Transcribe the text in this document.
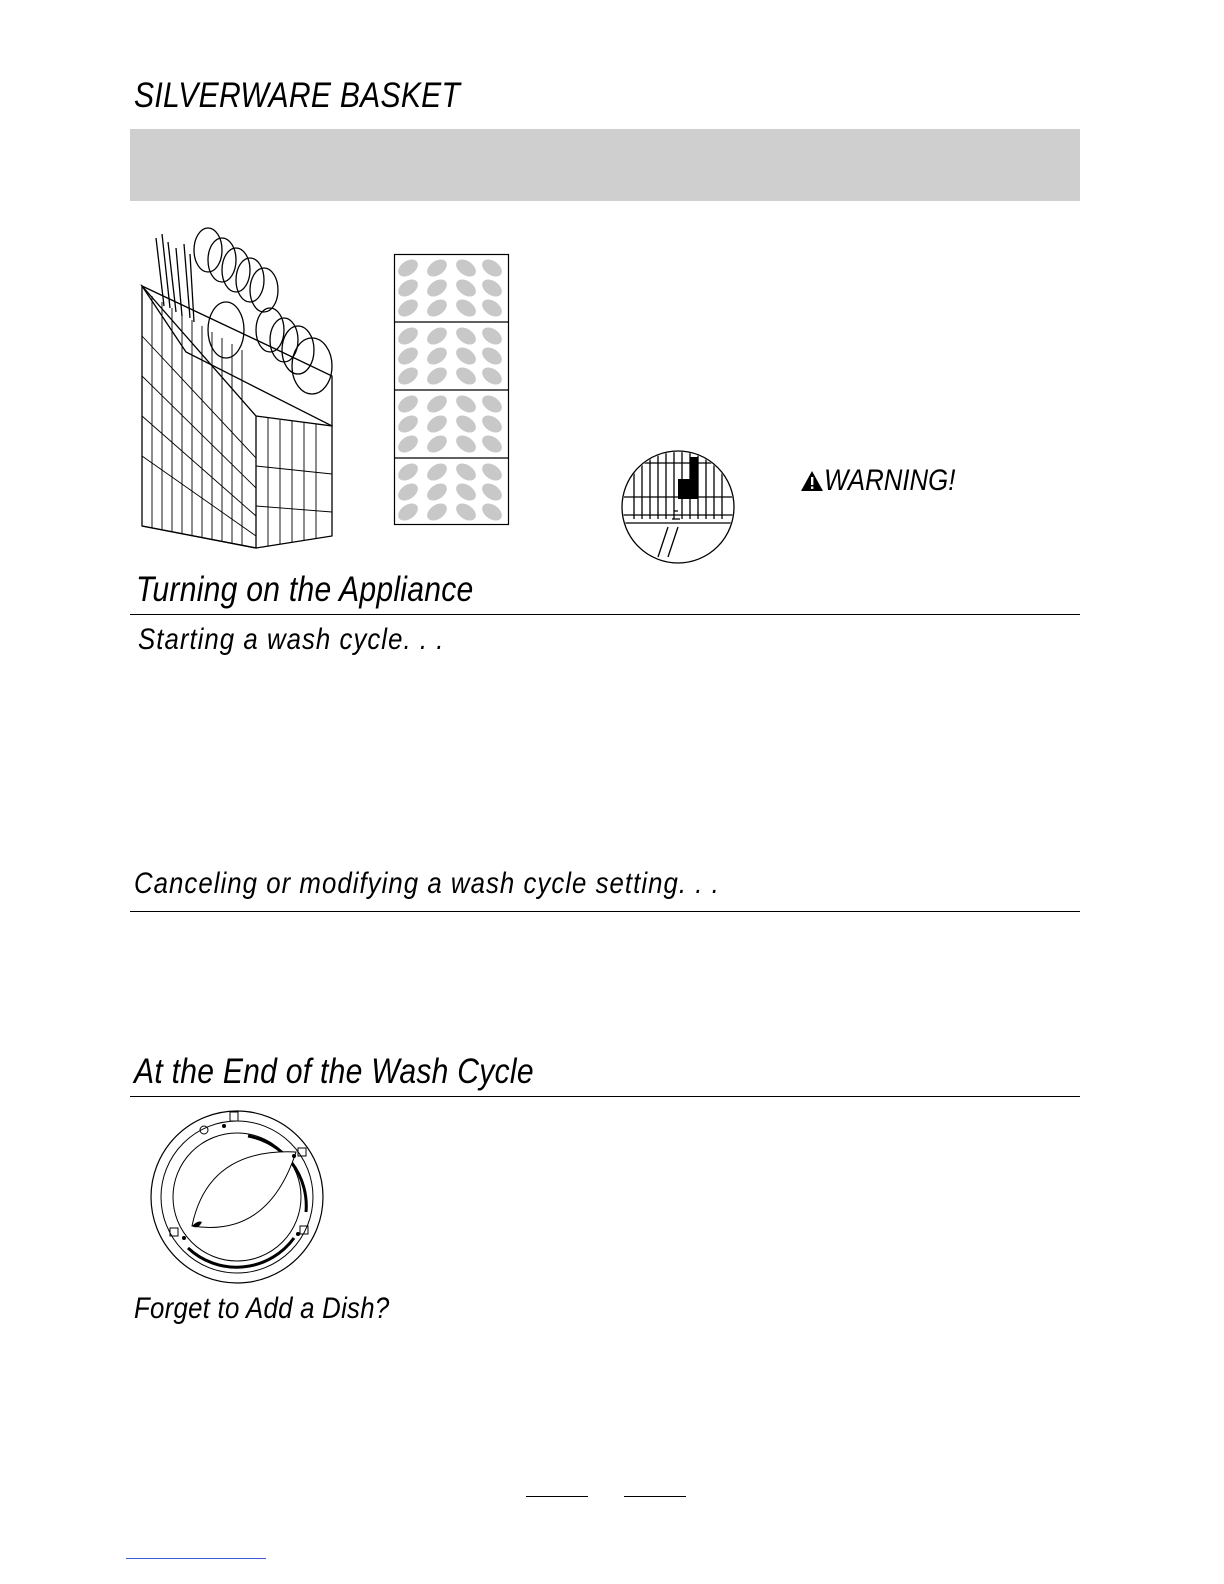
SILVERWARE BASKET
WARNING!
Turning on the Appliance
Starting a wash cycle. . .
Canceling or modifying a wash cycle setting. . .
At the End of the Wash Cycle
Forget to Add a Dish?
